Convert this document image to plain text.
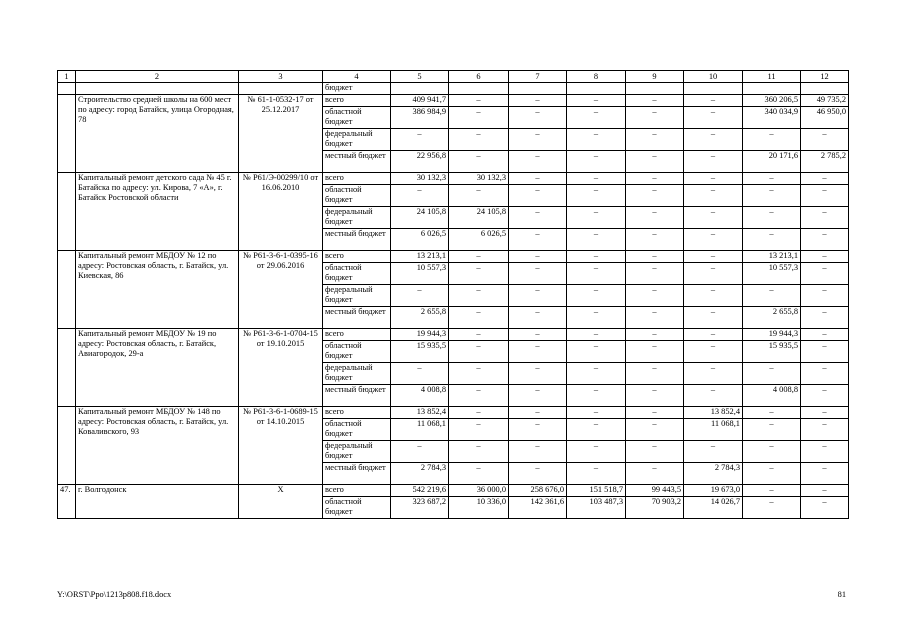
1	2	3	4	5	6	7	8	9	10	11	12
			бюджет								
	Строительство средней школы на 600 мест по адресу: город Батайск, улица Огородная, 78	№ 61-1-0532-17 от 25.12.2017	всего	409 941,7	–	–	–	–	–	360 206,5	49 735,2
			областной бюджет	386 984,9	–	–	–	–	–	340 034,9	46 950,0
			федеральный бюджет	–	–	–	–	–	–	–	–
			местный бюджет	22 956,8	–	–	–	–	–	20 171,6	2 785,2
	Капитальный ремонт детского сада № 45 г. Батайска по адресу: ул. Кирова, 7 «А», г. Батайск Ростовской области	№ Р61/Э-00299/10 от 16.06.2010	всего	30 132,3	30 132,3	–	–	–	–	–	–
			областной бюджет	–	–	–	–	–	–	–	–
			федеральный бюджет	24 105,8	24 105,8	–	–	–	–	–	–
			местный бюджет	6 026,5	6 026,5	–	–	–	–	–	–
	Капитальный ремонт МБДОУ № 12 по адресу: Ростовская область, г. Батайск, ул. Киевская, 86	№ Р61-3-6-1-0395-16 от 29.06.2016	всего	13 213,1	–	–	–	–	–	13 213,1	–
			областной бюджет	10 557,3	–	–	–	–	–	10 557,3	–
			федеральный бюджет	–	–	–	–	–	–	–	–
			местный бюджет	2 655,8	–	–	–	–	–	2 655,8	–
	Капитальный ремонт МБДОУ № 19 по адресу: Ростовская область, г. Батайск, Авиагородок, 29-а	№ Р61-3-6-1-0704-15 от 19.10.2015	всего	19 944,3	–	–	–	–	–	19 944,3	–
			областной бюджет	15 935,5	–	–	–	–	–	15 935,5	–
			федеральный бюджет	–	–	–	–	–	–	–	–
			местный бюджет	4 008,8	–	–	–	–	–	4 008,8	–
	Капитальный ремонт МБДОУ № 148 по адресу: Ростовская область, г. Батайск, ул. Коваливского, 93	№ Р61-3-6-1-0689-15 от 14.10.2015	всего	13 852,4	–	–	–	–	13 852,4	–	–
			областной бюджет	11 068,1	–	–	–	–	11 068,1	–	–
			федеральный бюджет	–	–	–	–	–	–	–	–
			местный бюджет	2 784,3	–	–	–	–	2 784,3	–	–
47.	г. Волгодонск	Х	всего	542 219,6	36 000,0	258 676,0	151 518,7	99 443,5	19 673,0	–	–
			областной бюджет	323 687,2	10 336,0	142 361,6	103 487,3	70 903,2	14 026,7	–	–
Y:\ORST\Ppo\1213p808.f18.docx	81
